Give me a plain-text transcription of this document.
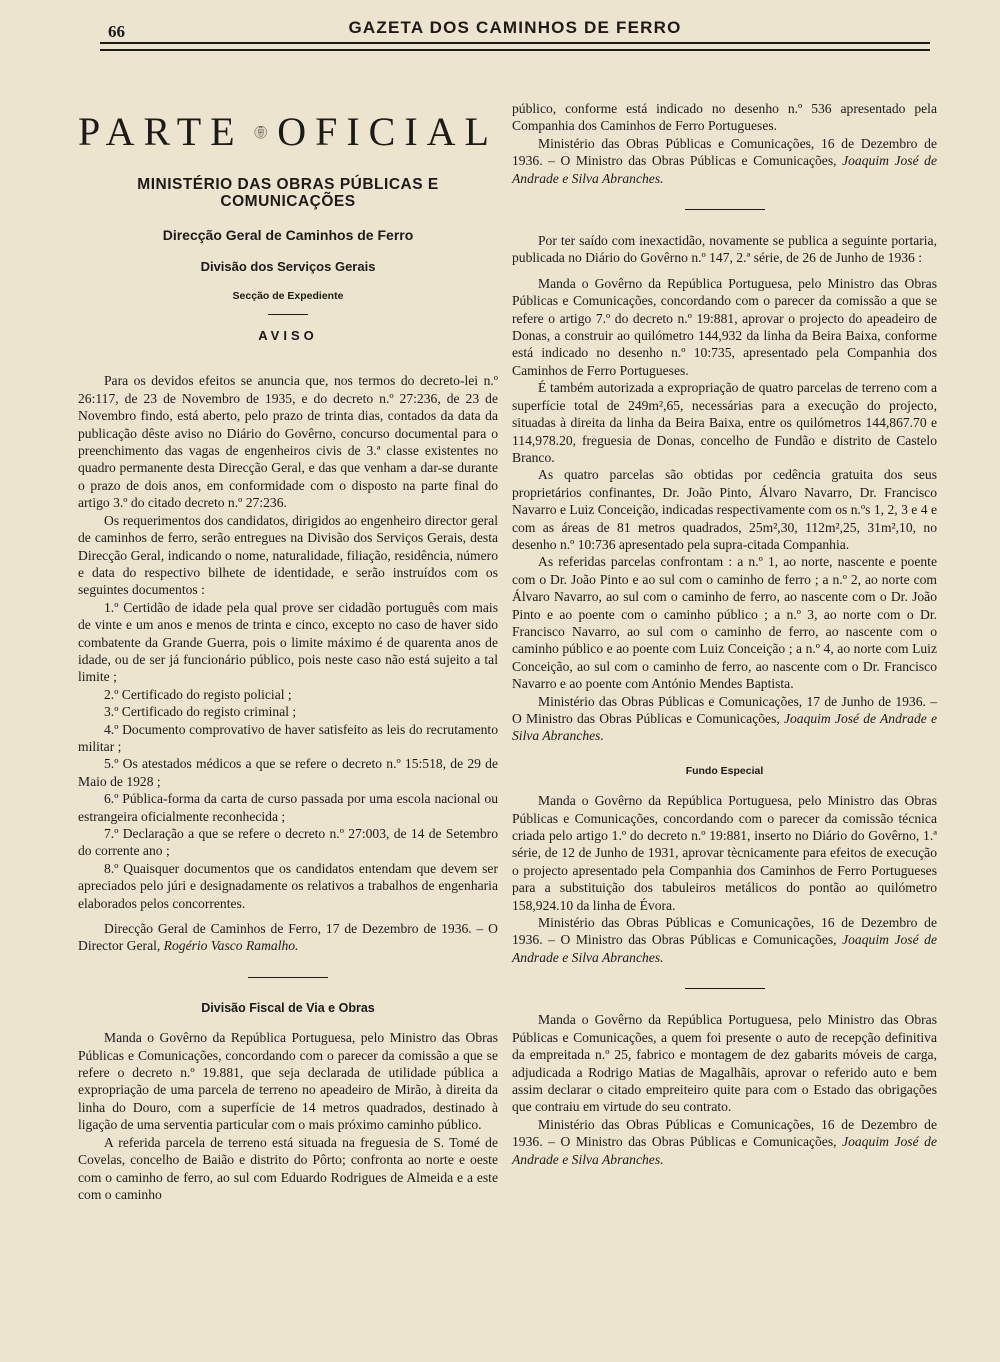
66	GAZETA DOS CAMINHOS DE FERRO
PARTE OFICIAL
MINISTÉRIO DAS OBRAS PÚBLICAS E COMUNICAÇÕES
Direcção Geral de Caminhos de Ferro
Divisão dos Serviços Gerais
Secção de Expediente
AVISO

Para os devidos efeitos se anuncia que, nos termos do decreto-lei n.º 26:117, de 23 de Novembro de 1935, e do decreto n.º 27:236, de 23 de Novembro findo, está aberto, pelo prazo de trinta dias, contados da data da publicação dêste aviso no Diário do Govêrno, concurso documental para o preenchimento das vagas de engenheiros civis de 3.ª classe existentes no quadro permanente desta Direcção Geral, e das que venham a dar-se durante o prazo de dois anos, em conformidade com o disposto na parte final do artigo 3.º do citado decreto n.º 27:236.

Os requerimentos dos candidatos, dirigidos ao engenheiro director geral de caminhos de ferro, serão entregues na Divisão dos Serviços Gerais, desta Direcção Geral, indicando o nome, naturalidade, filiação, residência, número e data do respectivo bilhete de identidade, e serão instruídos com os seguintes documentos :

1.º Certidão de idade pela qual prove ser cidadão português com mais de vinte e um anos e menos de trinta e cinco, excepto no caso de haver sido combatente da Grande Guerra, pois o limite máximo é de quarenta anos de idade, ou de ser já funcionário público, pois neste caso não está sujeito a tal limite ;

2.º Certificado do registo policial ;

3.º Certificado do registo criminal ;

4.º Documento comprovativo de haver satisfeito as leis do recrutamento militar ;

5.º Os atestados médicos a que se refere o decreto n.º 15:518, de 29 de Maio de 1928 ;

6.º Pública-forma da carta de curso passada por uma escola nacional ou estrangeira oficialmente reconhecida ;

7.º Declaração a que se refere o decreto n.º 27:003, de 14 de Setembro do corrente ano ;

8.º Quaisquer documentos que os candidatos entendam que devem ser apreciados pelo júri e designadamente os relativos a trabalhos de engenharia elaborados pelos concorrentes.

Direcção Geral de Caminhos de Ferro, 17 de Dezembro de 1936. – O Director Geral, Rogério Vasco Ramalho.

Divisão Fiscal de Via e Obras

Manda o Govêrno da República Portuguesa, pelo Ministro das Obras Públicas e Comunicações, concordando com o parecer da comissão a que se refere o decreto n.º 19.881, que seja declarada de utilidade pública a expropriação de uma parcela de terreno no apeadeiro de Mirão, à direita da linha do Douro, com a superfície de 14 metros quadrados, destinado à ligação de uma serventia particular com o mais próximo caminho público.

A referida parcela de terreno está situada na freguesia de S. Tomé de Covelas, concelho de Baião e distrito do Pôrto; confronta ao norte e oeste com o caminho de ferro, ao sul com Eduardo Rodrigues de Almeida e a este com o caminho

público, conforme está indicado no desenho n.º 536 apresentado pela Companhia dos Caminhos de Ferro Portugueses.

Ministério das Obras Públicas e Comunicações, 16 de Dezembro de 1936. – O Ministro das Obras Públicas e Comunicações, Joaquim José de Andrade e Silva Abranches.

Por ter saído com inexactidão, novamente se publica a seguinte portaria, publicada no Diário do Govêrno n.º 147, 2.ª série, de 26 de Junho de 1936 :

Manda o Govêrno da República Portuguesa, pelo Ministro das Obras Públicas e Comunicações, concordando com o parecer da comissão a que se refere o artigo 7.º do decreto n.º 19:881, aprovar o projecto do apeadeiro de Donas, a construir ao quilómetro 144,932 da linha da Beira Baixa, conforme está indicado no desenho n.º 10:735, apresentado pela Companhia dos Caminhos de Ferro Portugueses.

É também autorizada a expropriação de quatro parcelas de terreno com a superfície total de 249m²,65, necessárias para a execução do projecto, situadas à direita da linha da Beira Baixa, entre os quilómetros 144,867.70 e 114,978.20, freguesia de Donas, concelho de Fundão e distrito de Castelo Branco.

As quatro parcelas são obtidas por cedência gratuita dos seus proprietários confinantes, Dr. João Pinto, Álvaro Navarro, Dr. Francisco Navarro e Luiz Conceição, indicadas respectivamente com os n.ºs 1, 2, 3 e 4 e com as áreas de 81 metros quadrados, 25m²,30, 112m²,25, 31m²,10, no desenho n.º 10:736 apresentado pela supra-citada Companhia.

As referidas parcelas confrontam : a n.º 1, ao norte, nascente e poente com o Dr. João Pinto e ao sul com o caminho de ferro ; a n.º 2, ao norte com Álvaro Navarro, ao sul com o caminho de ferro, ao nascente com o Dr. João Pinto e ao poente com o caminho público ; a n.º 3, ao norte com o Dr. Francisco Navarro, ao sul com o caminho de ferro, ao nascente com o caminho público e ao poente com Luiz Conceição ; a n.º 4, ao norte com Luiz Conceição, ao sul com o caminho de ferro, ao nascente com o Dr. Francisco Navarro e ao poente com António Mendes Baptista.

Ministério das Obras Públicas e Comunicações, 17 de Junho de 1936. – O Ministro das Obras Públicas e Comunicações, Joaquim José de Andrade e Silva Abranches.

Fundo Especial

Manda o Govêrno da República Portuguesa, pelo Ministro das Obras Públicas e Comunicações, concordando com o parecer da comissão técnica criada pelo artigo 1.º do decreto n.º 19:881, inserto no Diário do Govêrno, 1.ª série, de 12 de Junho de 1931, aprovar tècnicamente para efeitos de execução o projecto apresentado pela Companhia dos Caminhos de Ferro Portugueses para a substituição dos tabuleiros metálicos do pontão ao quilómetro 158,924.10 da linha de Évora.

Ministério das Obras Públicas e Comunicações, 16 de Dezembro de 1936. – O Ministro das Obras Públicas e Comunicações, Joaquim José de Andrade e Silva Abranches.

Manda o Govêrno da República Portuguesa, pelo Ministro das Obras Públicas e Comunicações, a quem foi presente o auto de recepção definitiva da empreitada n.º 25, fabrico e montagem de dez gabarits móveis de carga, adjudicada a Rodrigo Matias de Magalhãis, aprovar o referido auto e bem assim declarar o citado empreiteiro quite para com o Estado das obrigações que contraiu em virtude do seu contrato.

Ministério das Obras Públicas e Comunicações, 16 de Dezembro de 1936. – O Ministro das Obras Públicas e Comunicações, Joaquim José de Andrade e Silva Abranches.
